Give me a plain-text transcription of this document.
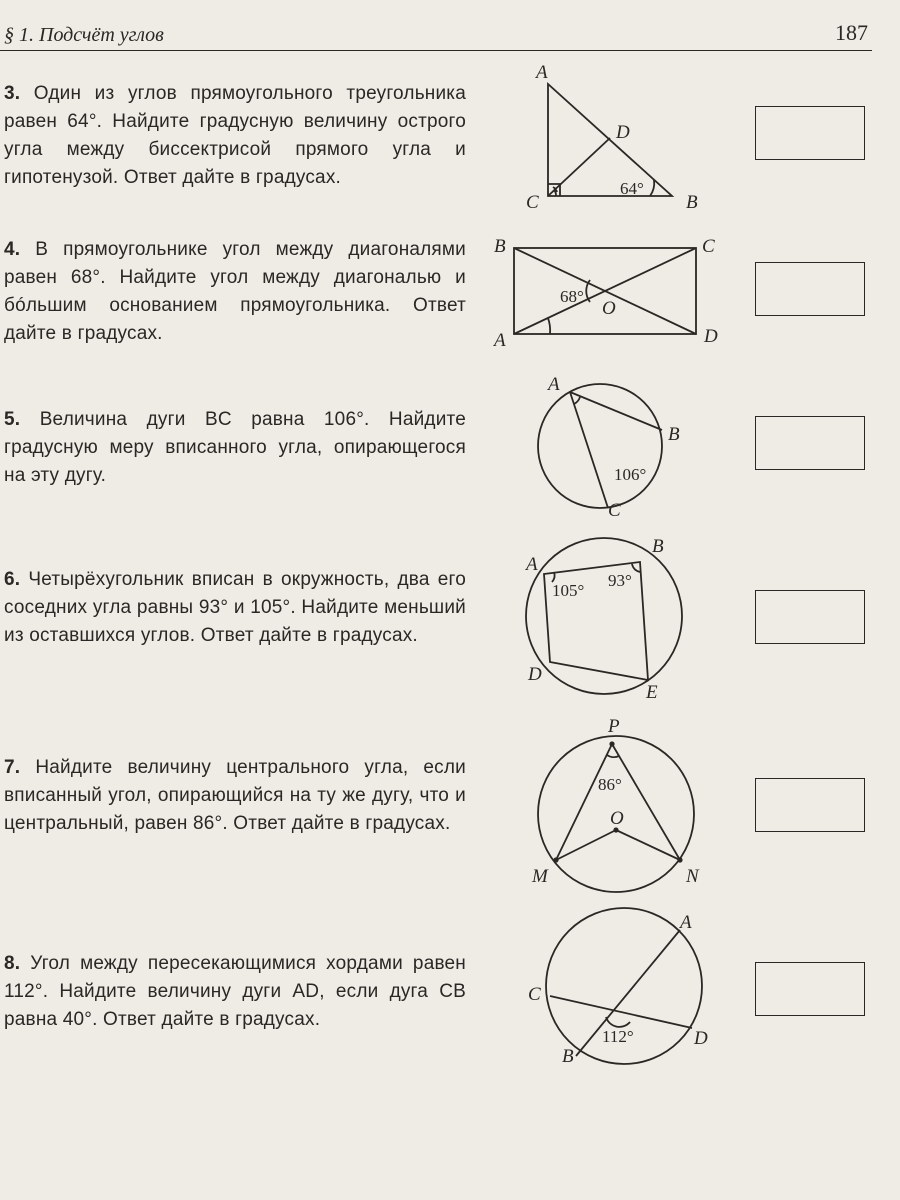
§ 1. Подсчёт углов	187
3. Один из углов прямоугольного треугольника равен 64°. Найдите градусную величину острого угла между биссектрисой прямого угла и гипотенузой. Ответ дайте в градусах.
A
D
C	B
64°
4. В прямоугольнике угол между диагоналями равен 68°. Найдите угол между диагональю и бóльшим основанием прямоугольника. Ответ дайте в градусах.
B	C
A	D
O
68°
5. Величина дуги BC равна 106°. Найдите градусную меру вписанного угла, опирающегося на эту дугу.
A
B
C
106°
6. Четырёхугольник вписан в окружность, два его соседних угла равны 93° и 105°. Найдите меньший из оставшихся углов. Ответ дайте в градусах.
A
B
D
E
105°
93°
7. Найдите величину центрального угла, если вписанный угол, опирающийся на ту же дугу, что и центральный, равен 86°. Ответ дайте в градусах.
P
O
M	N
86°
8. Угол между пересекающимися хордами равен 112°. Найдите величину дуги AD, если дуга CB равна 40°. Ответ дайте в градусах.
A
C
D
B
112°
